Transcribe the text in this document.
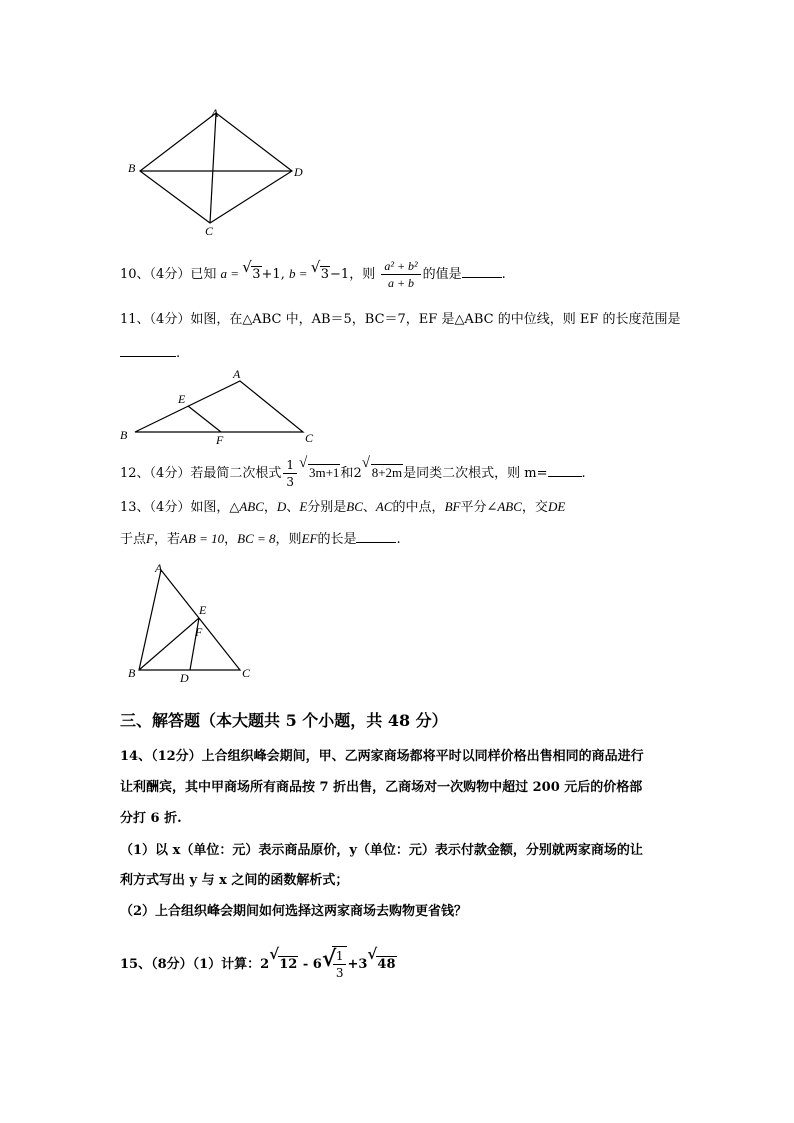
A
B
C
D
10、（4分）已知 a = √ 3+1, b = √ 3−1，则 $\frac{\text{a² + b²}}{a + b}$ 的值是	.
11、（4分）如图，在△ABC 中，AB＝5，BC＝7，EF 是△ABC 的中位线，则 EF 的长度范围是
.
A
B	C
E
F
12、（4分）若最简二次根式 $\frac{1}{3}$ √
3m+1和2
√
8+2m是同类二次根式，则 m=	.
13、（4分）如图，△ABC，D、E分别是BC、AC的中点，BF平分∠ABC，交DE
于点F，若AB = 10，BC = 8，则EF的长是	.
A
B	C
D
E
F
三、解答题（本大题共 5 个小题，共 48 分）
14、（12分）上合组织峰会期间，甲、乙两家商场都将平时以同样价格出售相同的商品进行
让利酬宾，其中甲商场所有商品按 7 折出售，乙商场对一次购物中超过 200 元后的价格部
分打 6 折.
（1）以 x（单位：元）表示商品原价，y（单位：元）表示付款金额，分别就两家商场的让
利方式写出 y 与 x 之间的函数解析式；
（2）上合组织峰会期间如何选择这两家商场去购物更省钱？
15、（8分）（1）计算：2
√
12 - 6 √
$\frac{1}{3} +3$
√
48
